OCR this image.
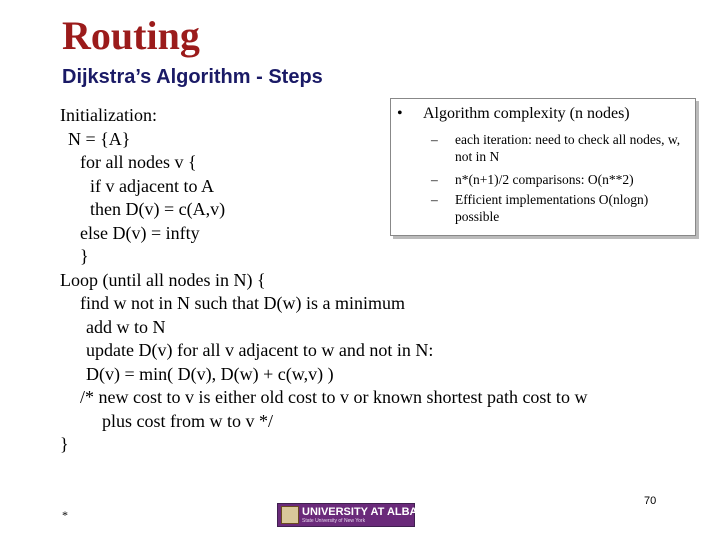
Routing
Dijkstra’s Algorithm - Steps
• Algorithm complexity (n nodes)
– each iteration: need to check all nodes, w, not in N
– n*(n+1)/2 comparisons: O(n**2)
– Efficient implementations O(nlogn) possible
Initialization:
N = {A}
for all nodes v {
if v adjacent to A
then D(v) = c(A,v)
else D(v) = infty
}
Loop (until all nodes in N) {
find w not in N such that D(w) is a minimum
add w to N
update D(v) for all v adjacent to w and not in N:
D(v) = min( D(v), D(w) + c(w,v) )
/* new cost to v is either old cost to v or known shortest path cost to w
plus cost from w to v */
}
*	UNIVERSITY AT ALBANY
State University of New York
70
